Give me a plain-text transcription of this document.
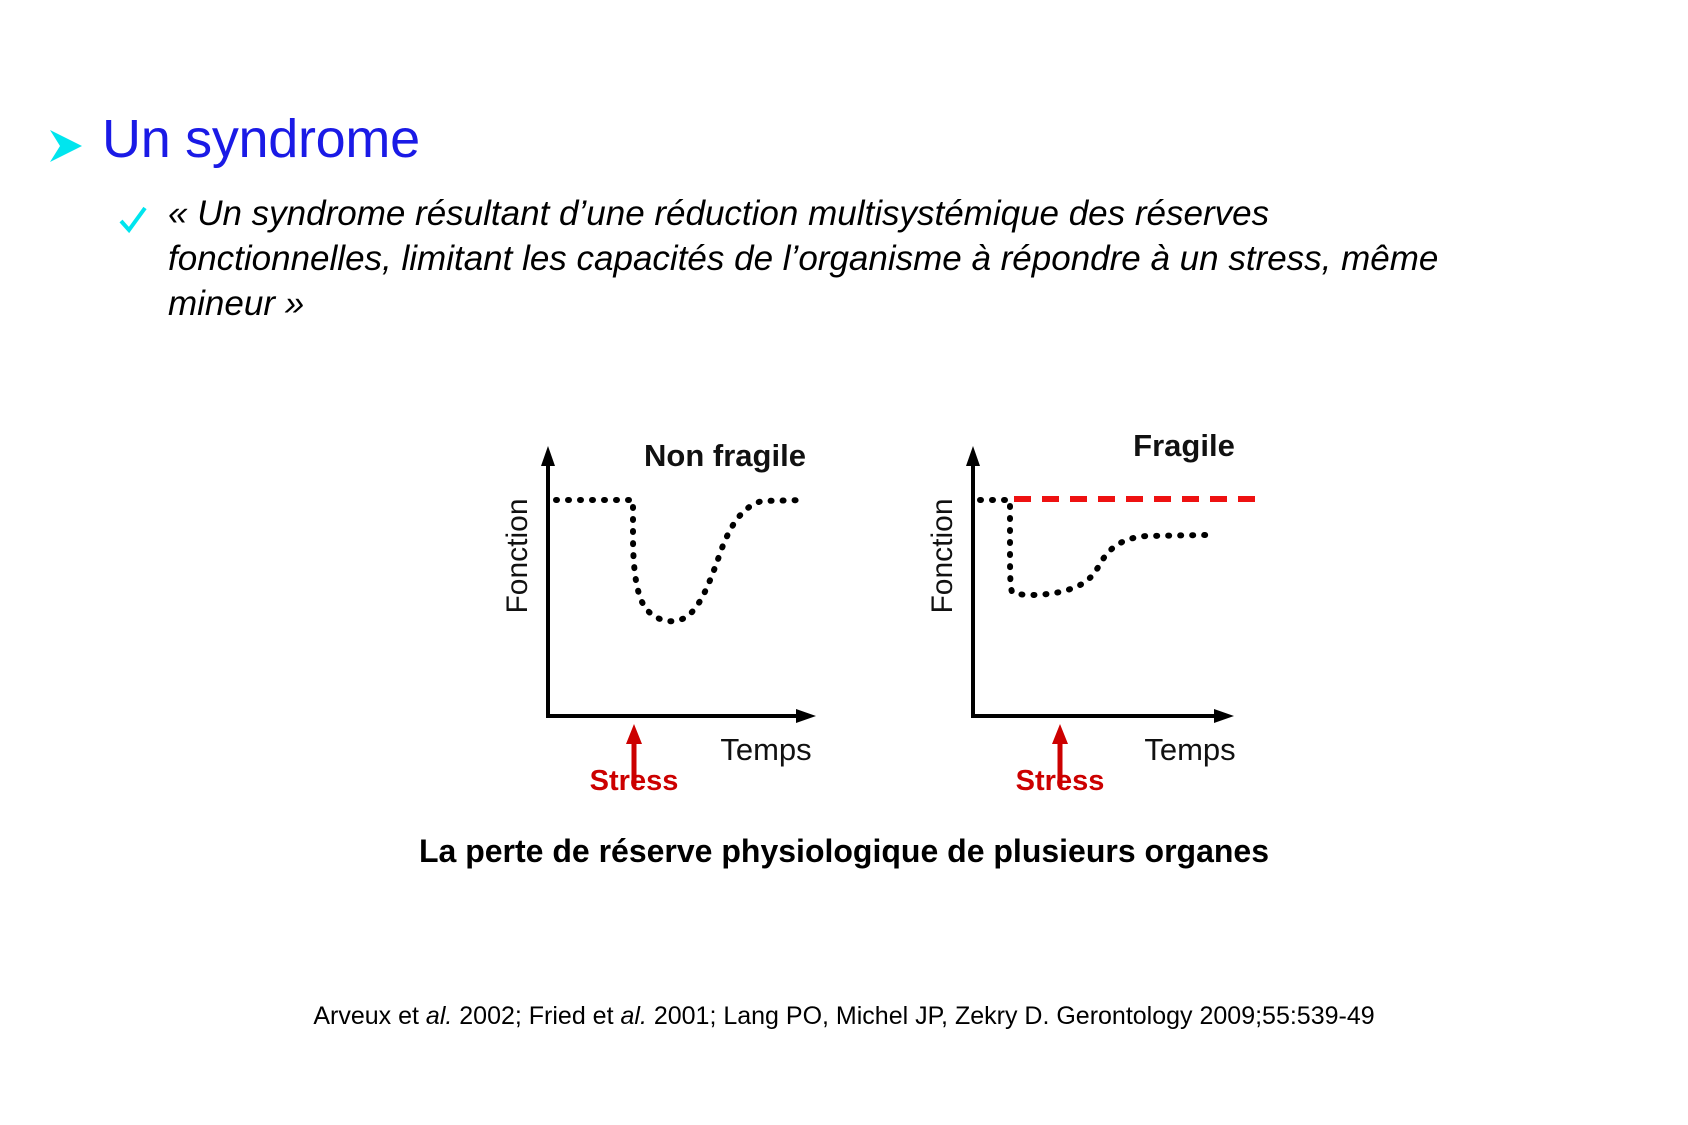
Un syndrome
« Un syndrome résultant d’une réduction multisystémique des réserves fonctionnelles, limitant les capacités de l’organisme à répondre à un stress, même mineur »
Fonction
Non fragile
Stress
Temps
Fonction
Fragile
Stress
Temps
La perte de réserve physiologique de plusieurs organes
Arveux et al. 2002; Fried et al. 2001; Lang PO, Michel JP, Zekry D. Gerontology 2009;55:539-49
